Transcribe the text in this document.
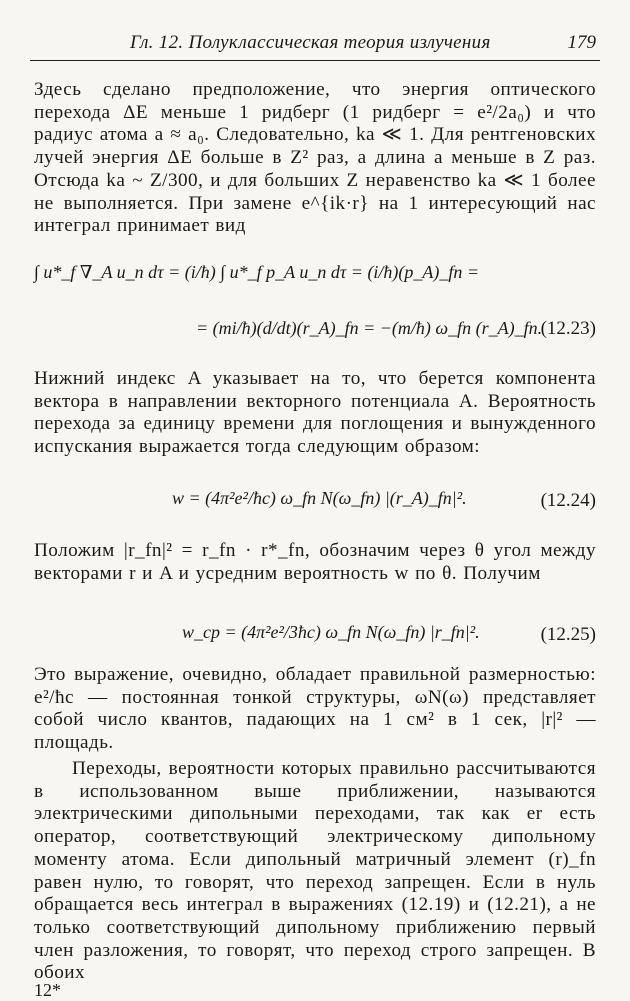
Гл. 12. Полуклассическая теория излучения	179
Здесь сделано предположение, что энергия оптического перехода ΔE меньше 1 ридберг (1 ридберг = e²/2a₀) и что радиус атома a ≈ a₀. Следовательно, ka ≪ 1. Для рентгеновских лучей энергия ΔE больше в Z² раз, а длина a меньше в Z раз. Отсюда ka ~ Z/300, и для больших Z неравенство ka ≪ 1 более не выполняется. При замене e^{ik·r} на 1 интересующий нас интеграл принимает вид
∫ u*_f ∇_A u_n dτ = (i/ħ) ∫ u*_f p_A u_n dτ = (i/ħ)(p_A)_fn =
= (mi/ħ)(d/dt)(r_A)_fn = −(m/ħ) ω_fn (r_A)_fn.
(12.23)
Нижний индекс A указывает на то, что берется компонента вектора в направлении векторного потенциала A. Вероятность перехода за единицу времени для поглощения и вынужденного испускания выражается тогда следующим образом:
w = (4π²e²/ħc) ω_fn N(ω_fn) |(r_A)_fn|².	(12.24)
Положим |r_fn|² = r_fn · r*_fn, обозначим через θ угол между векторами r и A и усредним вероятность w по θ. Получим
w_ср = (4π²e²/3ħc) ω_fn N(ω_fn) |r_fn|².	(12.25)
Это выражение, очевидно, обладает правильной размерностью: e²/ħc — постоянная тонкой структуры, ωN(ω) представляет собой число квантов, падающих на 1 см² в 1 сек, |r|² — площадь.
Переходы, вероятности которых правильно рассчитываются в использованном выше приближении, называются электрическими дипольными переходами, так как er есть оператор, соответствующий электрическому дипольному моменту атома. Если дипольный матричный элемент (r)_fn равен нулю, то говорят, что переход запрещен. Если в нуль обращается весь интеграл в выражениях (12.19) и (12.21), а не только соответствующий дипольному приближению первый член разложения, то говорят, что переход строго запрещен. В обоих
12*
